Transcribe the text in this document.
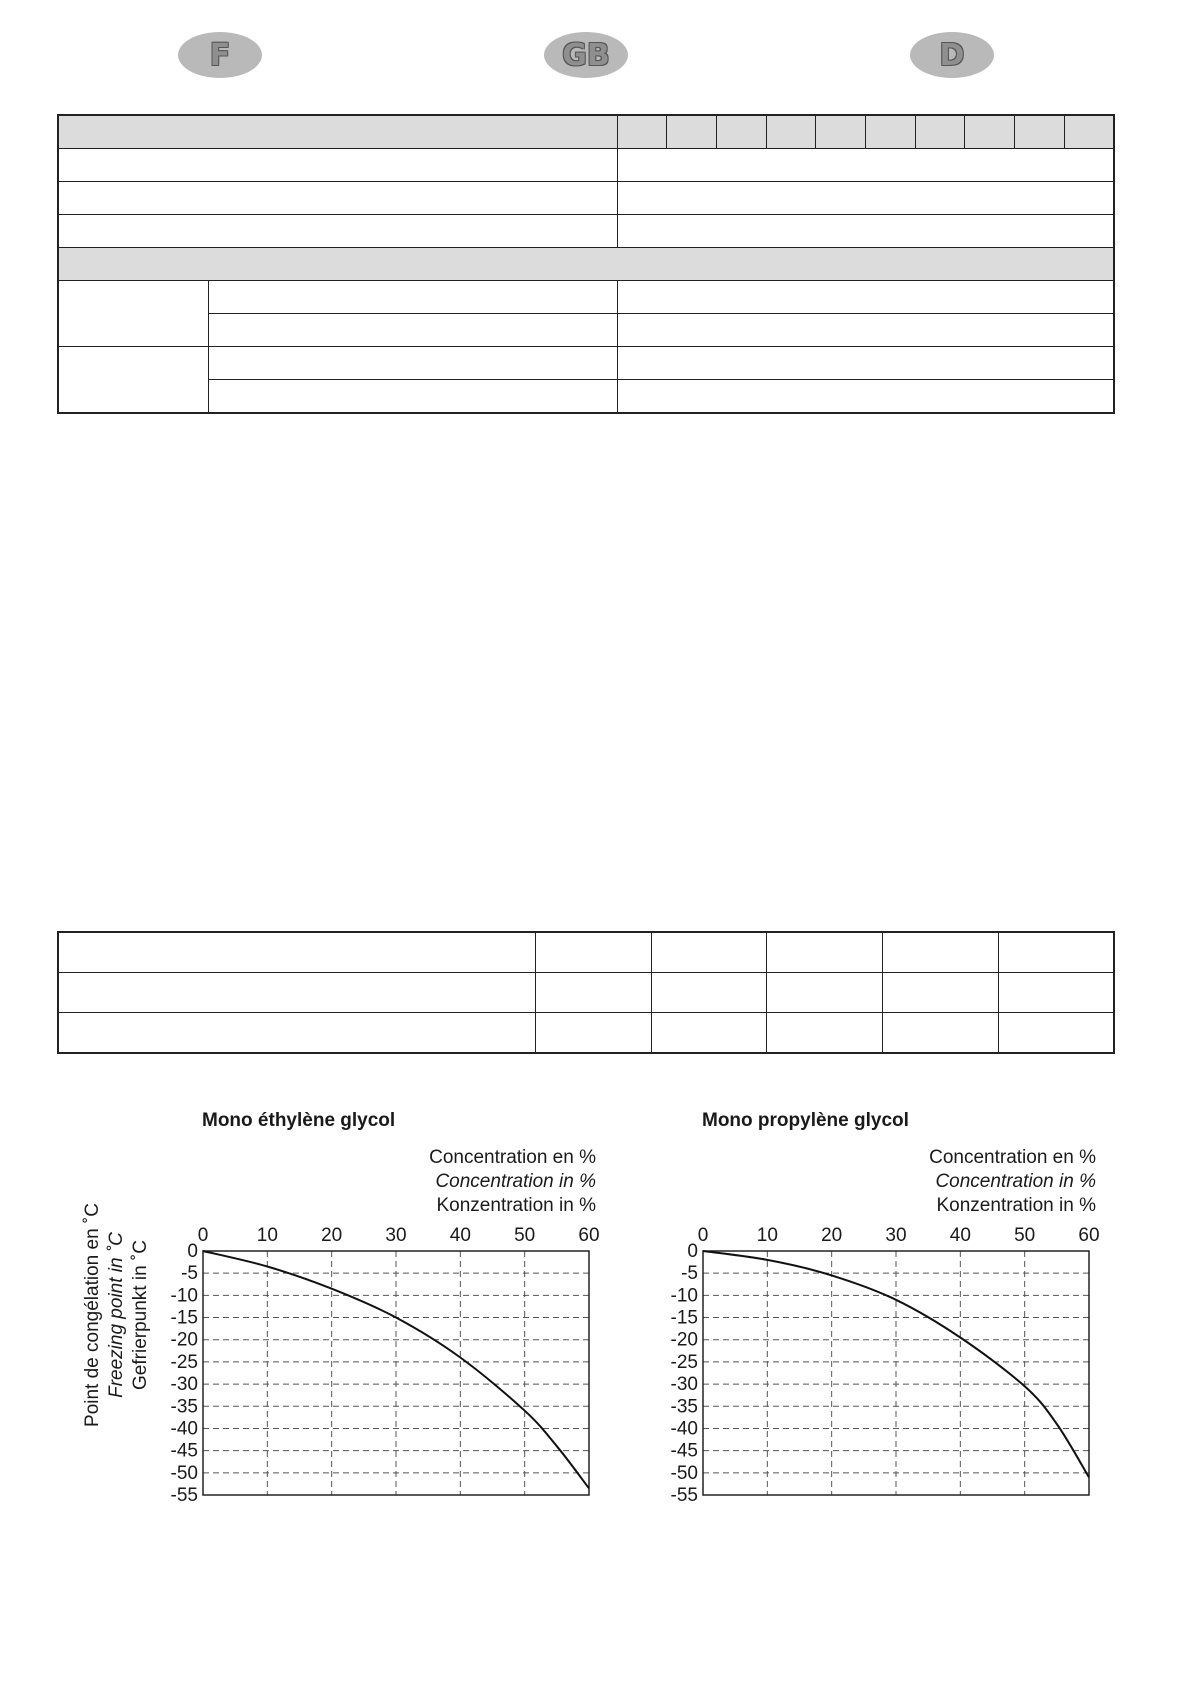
F	GB	D

Point de congélation en ˚C Freezing point in ˚C Gefrierpunkt in ˚C
Mono éthylène glycol
Concentration en %
Concentration in %
Konzentration in %
0	10 20 30 40 50 60
0
-5
-10
-15
-20
-25
-30
-35
-40
-45
-50
-55
Mono propylène glycol
Concentration en %
Concentration in %
Konzentration in %
0	10 20 30 40 50 60
0
-5
-10
-15
-20
-25
-30
-35
-40
-45
-50
-55
